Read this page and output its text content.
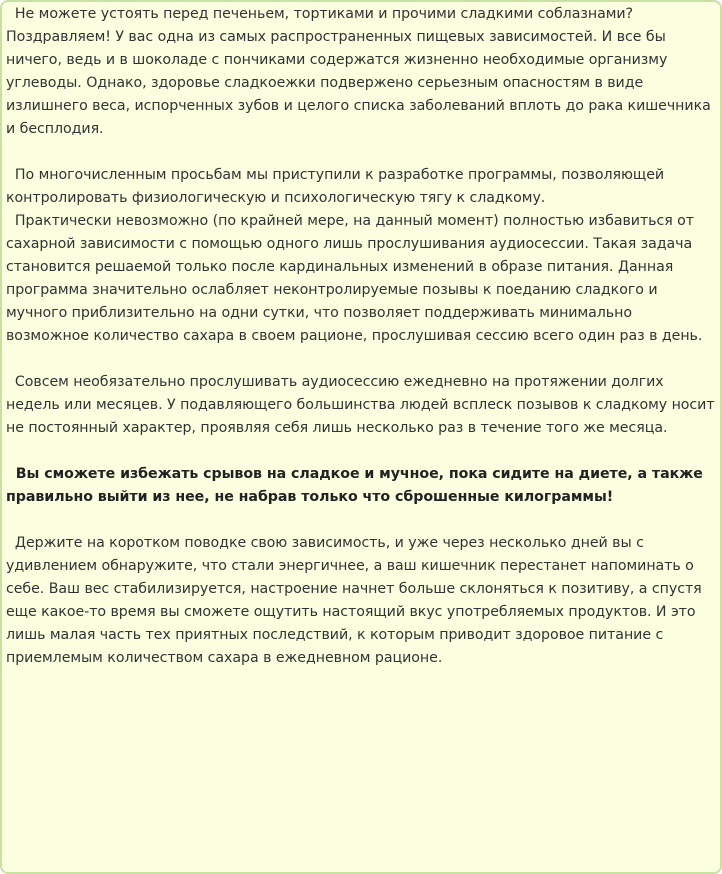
Не можете устоять перед печеньем, тортиками и прочими сладкими соблазнами? Поздравляем! У вас одна из самых распространенных пищевых зависимостей. И все бы ничего, ведь и в шоколаде с пончиками содержатся жизненно необходимые организму углеводы. Однако, здоровье сладкоежки подвержено серьезным опасностям в виде излишнего веса, испорченных зубов и целого списка заболеваний вплоть до рака кишечника и бесплодия.

По многочисленным просьбам мы приступили к разработке программы, позволяющей контролировать физиологическую и психологическую тягу к сладкому.

Практически невозможно (по крайней мере, на данный момент) полностью избавиться от сахарной зависимости с помощью одного лишь прослушивания аудиосессии. Такая задача становится решаемой только после кардинальных изменений в образе питания. Данная программа значительно ослабляет неконтролируемые позывы к поеданию сладкого и мучного приблизительно на одни сутки, что позволяет поддерживать минимально возможное количество сахара в своем рационе, прослушивая сессию всего один раз в день.

Совсем необязательно прослушивать аудиосессию ежедневно на протяжении долгих недель или месяцев. У подавляющего большинства людей всплеск позывов к сладкому носит не постоянный характер, проявляя себя лишь несколько раз в течение того же месяца.

Вы сможете избежать срывов на сладкое и мучное, пока сидите на диете, а также правильно выйти из нее, не набрав только что сброшенные килограммы!

Держите на коротком поводке свою зависимость, и уже через несколько дней вы с удивлением обнаружите, что стали энергичнее, а ваш кишечник перестанет напоминать о себе. Ваш вес стабилизируется, настроение начнет больше склоняться к позитиву, а спустя еще какое-то время вы сможете ощутить настоящий вкус употребляемых продуктов. И это лишь малая часть тех приятных последствий, к которым приводит здоровое питание с приемлемым количеством сахара в ежедневном рационе.
